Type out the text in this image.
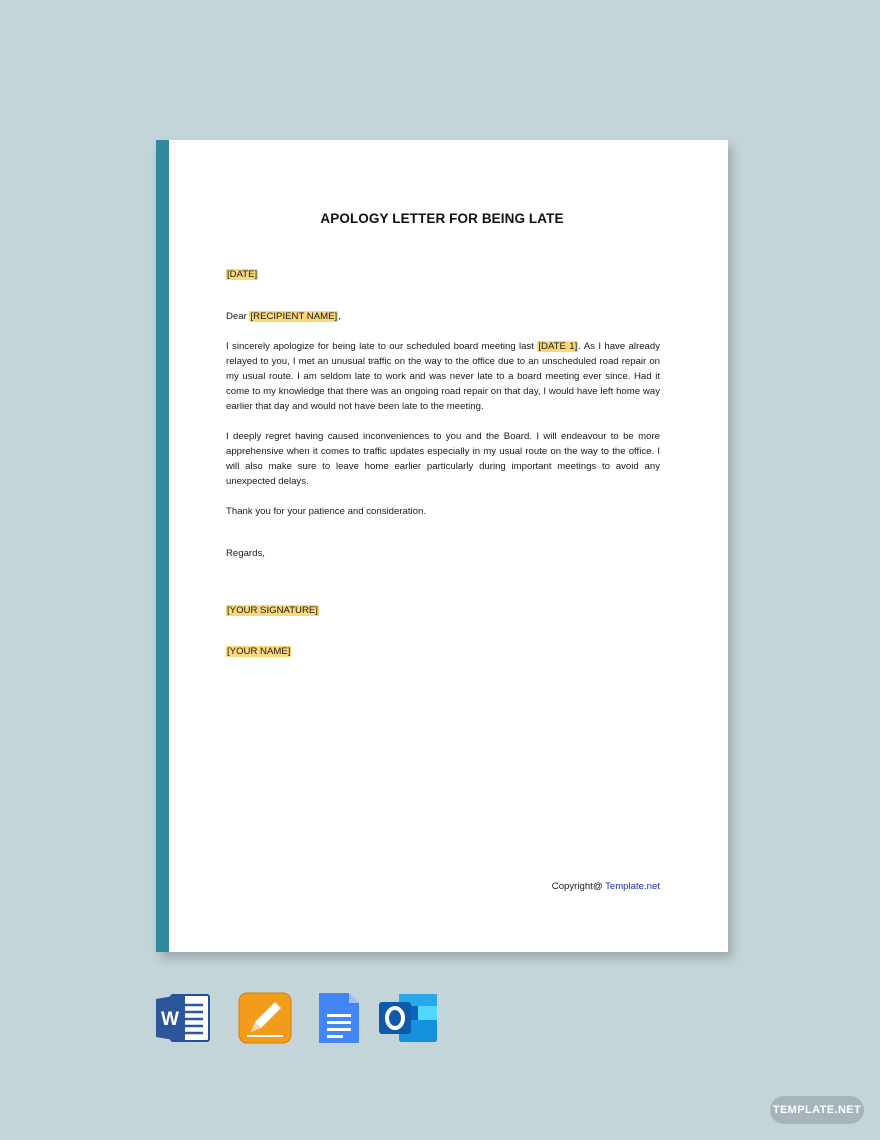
APOLOGY LETTER FOR BEING LATE
[DATE]
Dear [RECIPIENT NAME],
I sincerely apologize for being late to our scheduled board meeting last [DATE 1]. As I have already relayed to you, I met an unusual traffic on the way to the office due to an unscheduled road repair on my usual route. I am seldom late to work and was never late to a board meeting ever since. Had it come to my knowledge that there was an ongoing road repair on that day, I would have left home way earlier that day and would not have been late to the meeting.
I deeply regret having caused inconveniences to you and the Board. I will endeavour to be more apprehensive when it comes to traffic updates especially in my usual route on the way to the office. I will also make sure to leave home earlier particularly during important meetings to avoid any unexpected delays.
Thank you for your patience and consideration.
Regards,
[YOUR SIGNATURE]
[YOUR NAME]
Copyright@ Template.net
W
TEMPLATE.NET
